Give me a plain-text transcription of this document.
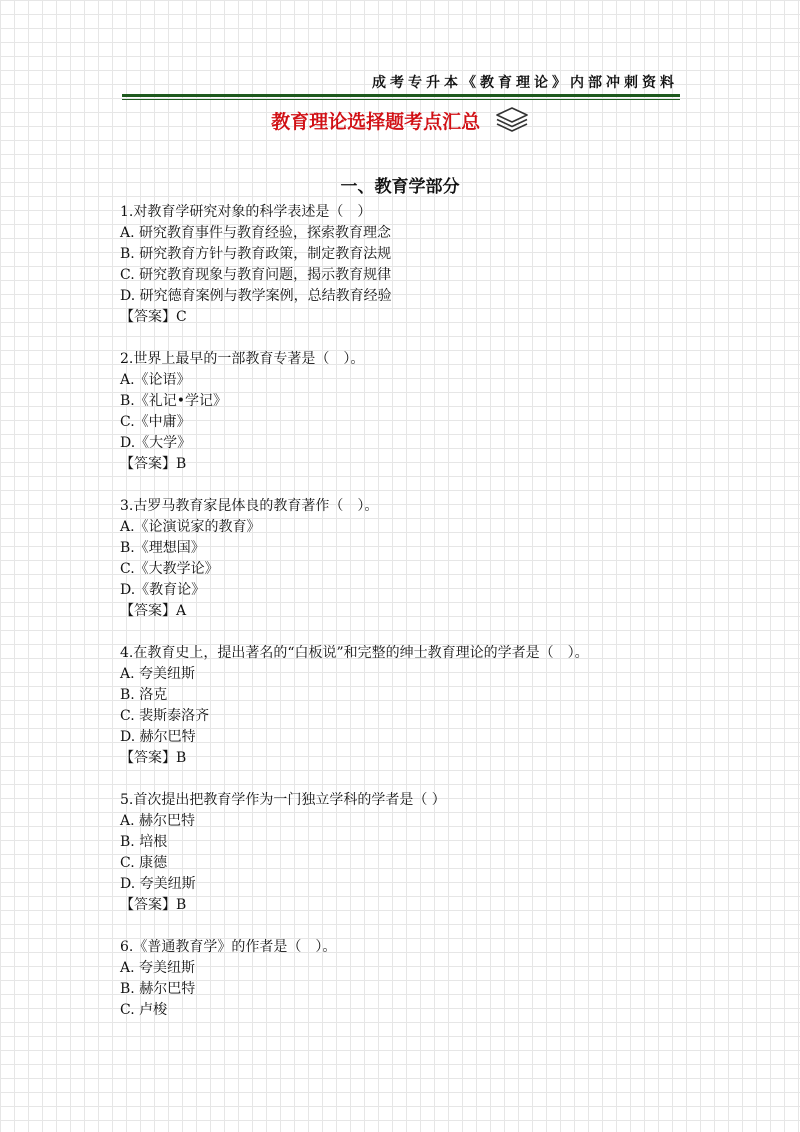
成考专升本《教育理论》内部冲刺资料
教育理论选择题考点汇总
一、教育学部分
1.对教育学研究对象的科学表述是（　）
A. 研究教育事件与教育经验，探索教育理念
B. 研究教育方针与教育政策，制定教育法规
C. 研究教育现象与教育问题，揭示教育规律
D. 研究德育案例与教学案例，总结教育经验
【答案】C
2.世界上最早的一部教育专著是（　）。
A.《论语》
B.《礼记•学记》
C.《中庸》
D.《大学》
【答案】B
3.古罗马教育家昆体良的教育著作（　）。
A.《论演说家的教育》
B.《理想国》
C.《大教学论》
D.《教育论》
【答案】A
4.在教育史上，提出著名的“白板说”和完整的绅士教育理论的学者是（　）。
A. 夸美纽斯
B. 洛克
C. 裴斯泰洛齐
D. 赫尔巴特
【答案】B
5.首次提出把教育学作为一门独立学科的学者是（ ）
A. 赫尔巴特
B. 培根
C. 康德
D. 夸美纽斯
【答案】B
6.《普通教育学》的作者是（　）。
A. 夸美纽斯
B. 赫尔巴特
C. 卢梭
